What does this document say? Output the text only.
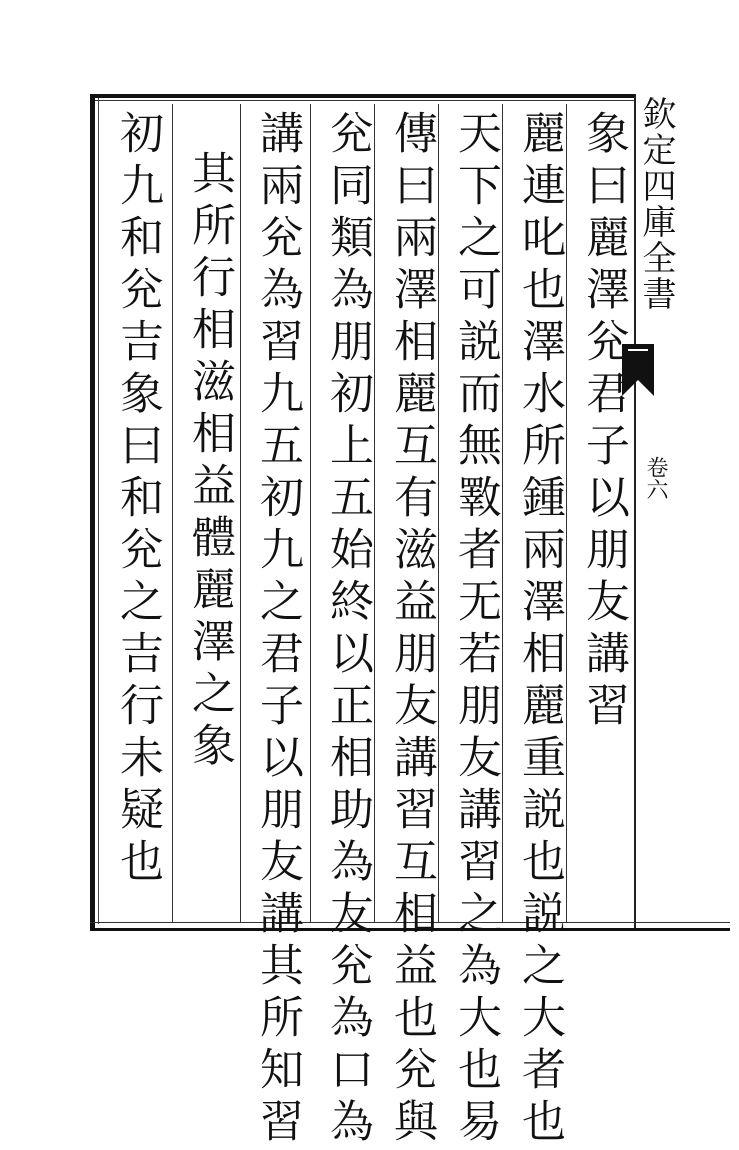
欽定四庫全書
卷六
象曰麗澤兊君子以朋友講習
麗連叱也澤水所鍾兩澤相麗重説也説之大者也
天下之可説而無斁者无若朋友講習之為大也易
傳曰兩澤相麗互有滋益朋友講習互相益也兊與
兊同類為朋初上五始終以正相助為友兊為口為
講兩兊為習九五初九之君子以朋友講其所知習
其所行相滋相益體麗澤之象
初九和兊吉象曰和兊之吉行未疑也
